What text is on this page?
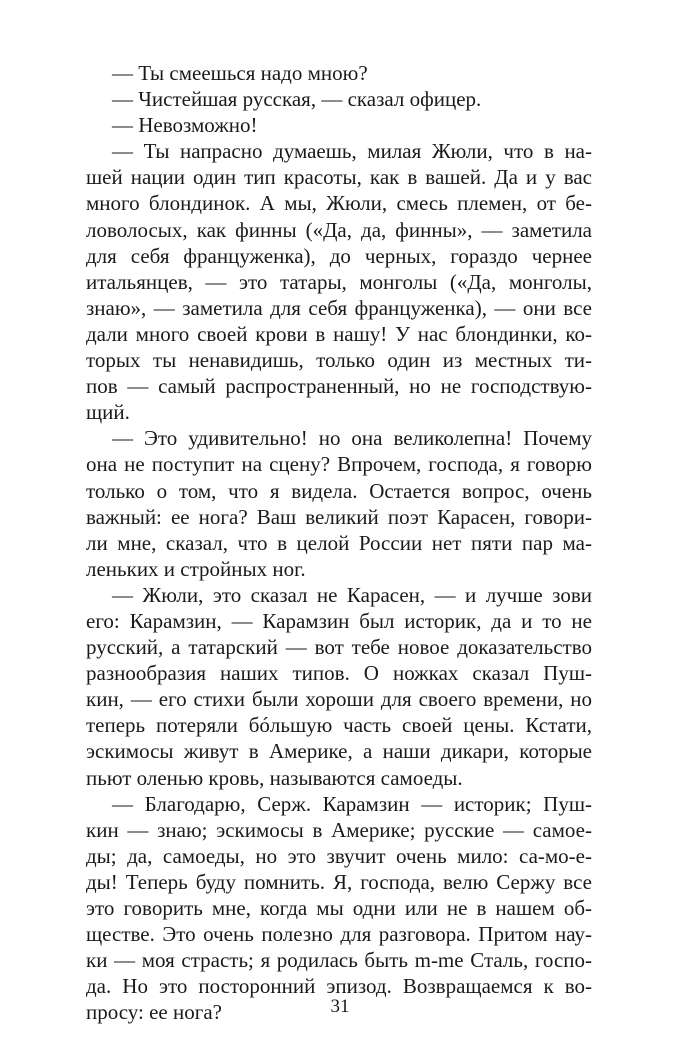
— Ты смеешься надо мною?
— Чистейшая русская, — сказал офицер.
— Невозможно!
— Ты напрасно думаешь, милая Жюли, что в на-
шей нации один тип красоты, как в вашей. Да и у вас
много блондинок. А мы, Жюли, смесь племен, от бе-
ловолосых, как финны («Да, да, финны», — заметила
для себя француженка), до черных, гораздо чернее
итальянцев, — это татары, монголы («Да, монголы,
знаю», — заметила для себя француженка), — они все
дали много своей крови в нашу! У нас блондинки, ко-
торых ты ненавидишь, только один из местных ти-
пов — самый распространенный, но не господствую-
щий.
— Это удивительно! но она великолепна! Почему
она не поступит на сцену? Впрочем, господа, я говорю
только о том, что я видела. Остается вопрос, очень
важный: ее нога? Ваш великий поэт Карасен, говори-
ли мне, сказал, что в целой России нет пяти пар ма-
леньких и стройных ног.
— Жюли, это сказал не Карасен, — и лучше зови
его: Карамзин, — Карамзин был историк, да и то не
русский, а татарский — вот тебе новое доказательство
разнообразия наших типов. О ножках сказал Пуш-
кин, — его стихи были хороши для своего времени, но
теперь потеряли бóльшую часть своей цены. Кстати,
эскимосы живут в Америке, а наши дикари, которые
пьют оленью кровь, называются самоеды.
— Благодарю, Серж. Карамзин — историк; Пуш-
кин — знаю; эскимосы в Америке; русские — самое-
ды; да, самоеды, но это звучит очень мило: са-мо-е-
ды! Теперь буду помнить. Я, господа, велю Сержу все
это говорить мне, когда мы одни или не в нашем об-
ществе. Это очень полезно для разговора. Притом нау-
ки — моя страсть; я родилась быть m-me Сталь, госпо-
да. Но это посторонний эпизод. Возвращаемся к во-
просу: ее нога?	31
